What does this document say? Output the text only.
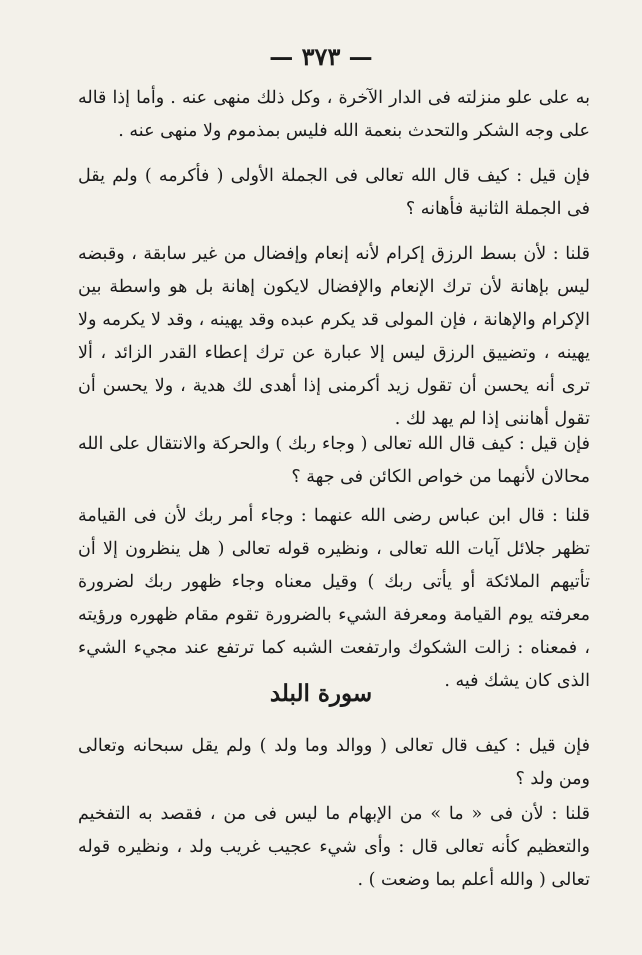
— ٣٧٣ —

به على علو منزلته فى الدار الآخرة ، وكل ذلك منهى عنه . وأما إذا قاله على وجه الشكر والتحدث بنعمة الله فليس بمذموم ولا منهى عنه .

فإن قيل : كيف قال الله تعالى فى الجملة الأولى ( فأكرمه ) ولم يقل فى الجملة الثانية فأهانه ؟

قلنا : لأن بسط الرزق إكرام لأنه إنعام وإفضال من غير سابقة ، وقبضه ليس بإهانة لأن ترك الإنعام والإفضال لايكون إهانة بل هو واسطة بين الإكرام والإهانة ، فإن المولى قد يكرم عبده وقد يهينه ، وقد لا يكرمه ولا يهينه ، وتضييق الرزق ليس إلا عبارة عن ترك إعطاء القدر الزائد ، ألا ترى أنه يحسن أن تقول زيد أكرمنى إذا أهدى لك هدية ، ولا يحسن أن تقول أهاننى إذا لم يهد لك .

فإن قيل : كيف قال الله تعالى ( وجاء ربك ) والحركة والانتقال على الله محالان لأنهما من خواص الكائن فى جهة ؟

قلنا : قال ابن عباس رضى الله عنهما : وجاء أمر ربك لأن فى القيامة تظهر جلائل آيات الله تعالى ، ونظيره قوله تعالى ( هل ينظرون إلا أن تأتيهم الملائكة أو يأتى ربك ) وقيل معناه وجاء ظهور ربك لضرورة معرفته يوم القيامة ومعرفة الشيء بالضرورة تقوم مقام ظهوره ورؤيته ، فمعناه : زالت الشكوك وارتفعت الشبه كما ترتفع عند مجيء الشيء الذى كان يشك فيه .

سورة البلد

فإن قيل : كيف قال تعالى ( ووالد وما ولد ) ولم يقل سبحانه وتعالى ومن ولد ؟

قلنا : لأن فى « ما » من الإبهام ما ليس فى من ، فقصد به التفخيم والتعظيم كأنه تعالى قال : وأى شيء عجيب غريب ولد ، ونظيره قوله تعالى ( والله أعلم بما وضعت ) .
